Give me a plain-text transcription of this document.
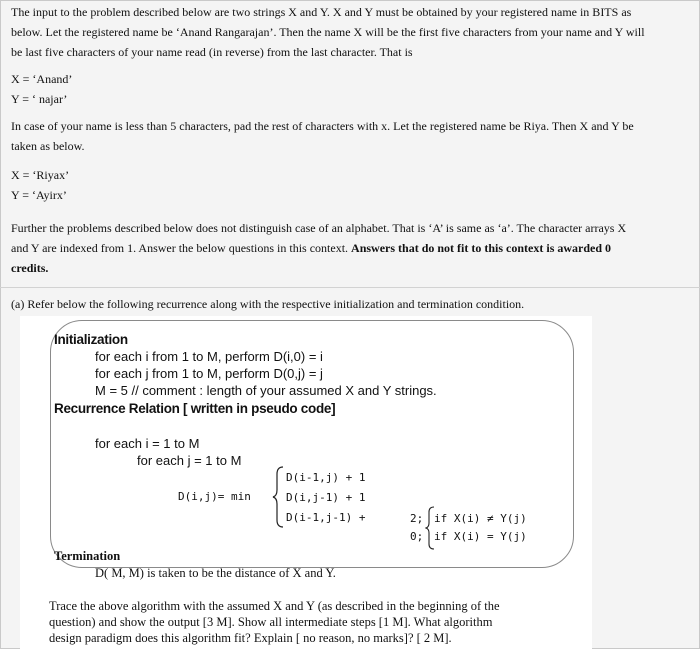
The input to the problem described below are two strings X and Y. X and Y must be obtained by your registered name in BITS as

below. Let the registered name be ‘Anand Rangarajan’. Then the name X will be the first five characters from your name and Y will

be last five characters of your name read (in reverse) from the last character. That is

X = ‘Anand’

Y = ‘ najar’

In case of your name is less than 5 characters, pad the rest of characters with x. Let the registered name be Riya. Then X and Y be

taken as below.

X = ‘Riyax’

Y = ‘Ayirx’

Further the problems described below does not distinguish case of an alphabet. That is ‘A’ is same as ‘a’. The character arrays X

and Y are indexed from 1. Answer the below questions in this context. Answers that do not fit to this context is awarded 0

credits.

(a) Refer below the following recurrence along with the respective initialization and termination condition.

Initialization
for each i from 1 to M, perform D(i,0) = i
for each j from 1 to M, perform D(0,j) = j
M = 5 // comment : length of your assumed X and Y strings.
Recurrence Relation [ written in pseudo code]
for each i = 1 to M
for each j = 1 to M
D(i,j)= min
D(i-1,j) + 1
D(i,j-1) + 1
D(i-1,j-1) +	2;
0;
if X(i) ≠ Y(j)
if X(i) = Y(j)
Termination
D( M, M) is taken to be the distance of X and Y.
Trace the above algorithm with the assumed X and Y (as described in the beginning of the
question) and show the output [3 M]. Show all intermediate steps [1 M]. What algorithm
design paradigm does this algorithm fit? Explain [ no reason, no marks]? [ 2 M].
